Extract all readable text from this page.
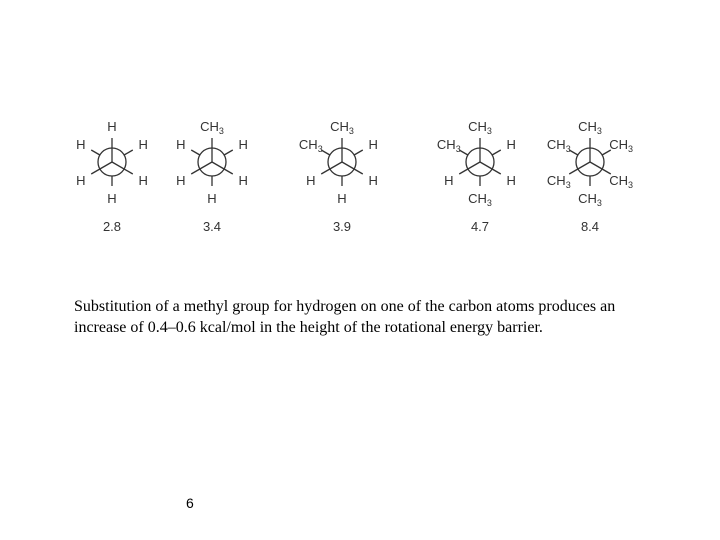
H
H	H
H
H
H
2.8
$CH_3$
H	H
H
H
H
3.4
$CH_3$
H	H
H
$CH_3$
H
3.9
$CH_3$
H	H
H
$CH_3$
$CH_3$
4.7
$CH_3$
$CH_3$	$CH_3$
$CH_3$
$CH_3$
$CH_3$
8.4
Substitution of a methyl group for hydrogen on one of the carbon atoms produces an increase of 0.4–0.6 kcal/mol in the height of the rotational energy barrier.
6
